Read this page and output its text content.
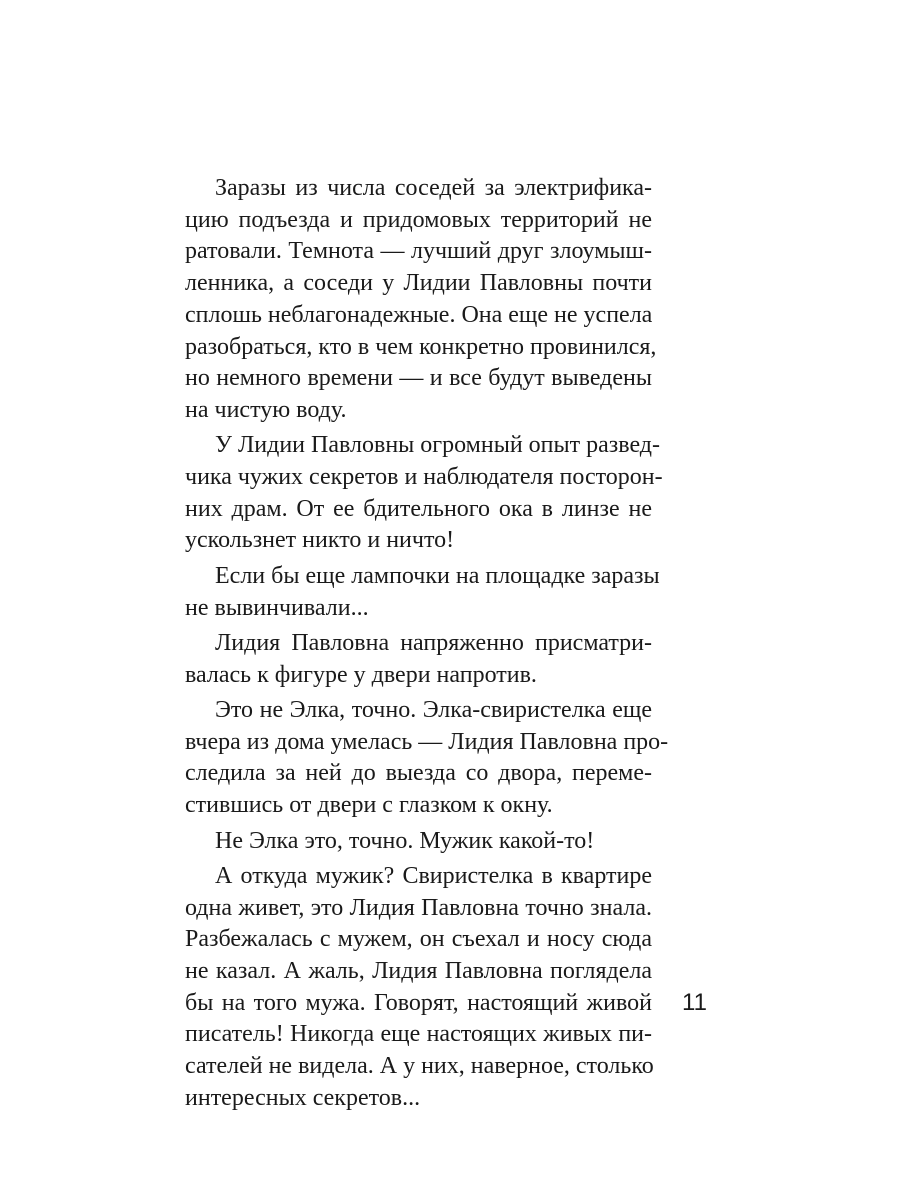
Заразы из числа соседей за электрифика-
цию подъезда и придомовых территорий не
ратовали. Темнота — лучший друг злоумыш-
ленника, а соседи у Лидии Павловны почти
сплошь неблагонадежные. Она еще не успела
разобраться, кто в чем конкретно провинился,
но немного времени — и все будут выведены
на чистую воду.
У Лидии Павловны огромный опыт развед-
чика чужих секретов и наблюдателя посторон-
них драм. От ее бдительного ока в линзе не
ускользнет никто и ничто!
Если бы еще лампочки на площадке заразы
не вывинчивали...
Лидия Павловна напряженно присматри-
валась к фигуре у двери напротив.
Это не Элка, точно. Элка-свиристелка еще
вчера из дома умелась — Лидия Павловна про-
следила за ней до выезда со двора, переме-
стившись от двери с глазком к окну.
Не Элка это, точно. Мужик какой-то!
А откуда мужик? Свиристелка в квартире
одна живет, это Лидия Павловна точно знала.
Разбежалась с мужем, он съехал и носу сюда
не казал. А жаль, Лидия Павловна поглядела
бы на того мужа. Говорят, настоящий живой
писатель! Никогда еще настоящих живых пи-
сателей не видела. А у них, наверное, столько
интересных секретов...
11
